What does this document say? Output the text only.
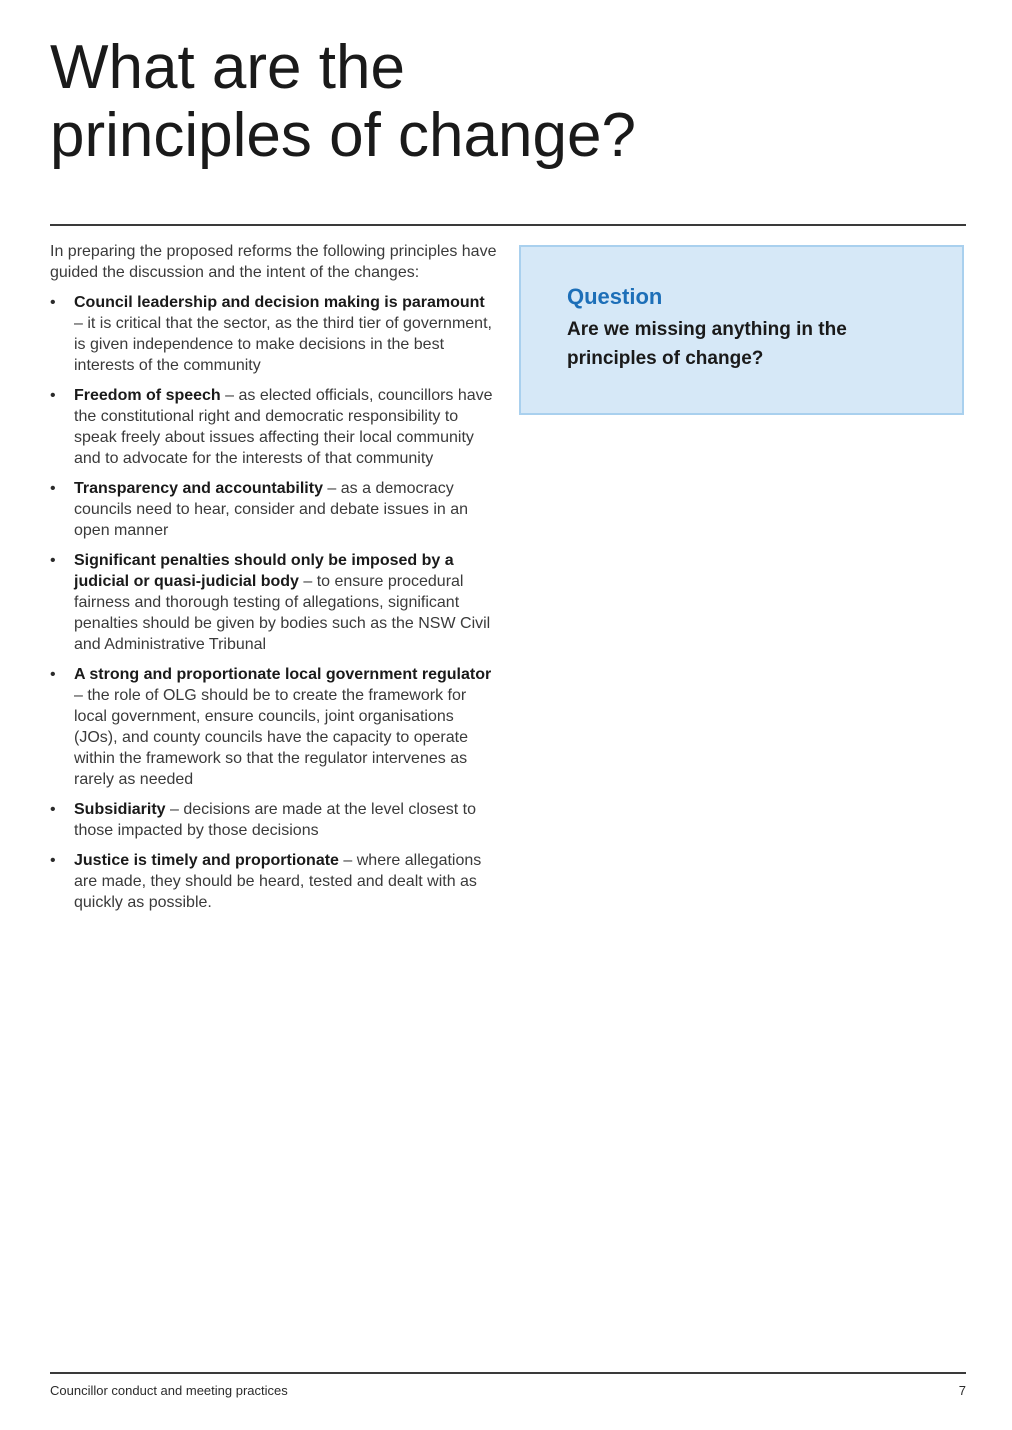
What are the
principles of change?

In preparing the proposed reforms the following principles have guided the discussion and the intent of the changes:

•	Council leadership and decision making is paramount – it is critical that the sector, as the third tier of government, is given independence to make decisions in the best interests of the community
•	Freedom of speech – as elected officials, councillors have the constitutional right and democratic responsibility to speak freely about issues affecting their local community and to advocate for the interests of that community
•	Transparency and accountability – as a democracy councils need to hear, consider and debate issues in an open manner
•	Significant penalties should only be imposed by a judicial or quasi-judicial body – to ensure procedural fairness and thorough testing of allegations, significant penalties should be given by bodies such as the NSW Civil and Administrative Tribunal
•	A strong and proportionate local government regulator – the role of OLG should be to create the framework for local government, ensure councils, joint organisations (JOs), and county councils have the capacity to operate within the framework so that the regulator intervenes as rarely as needed
•	Subsidiarity – decisions are made at the level closest to those impacted by those decisions
•	Justice is timely and proportionate – where allegations are made, they should be heard, tested and dealt with as quickly as possible.

Question

Are we missing anything in the principles of change?

Councillor conduct and meeting practices	7
